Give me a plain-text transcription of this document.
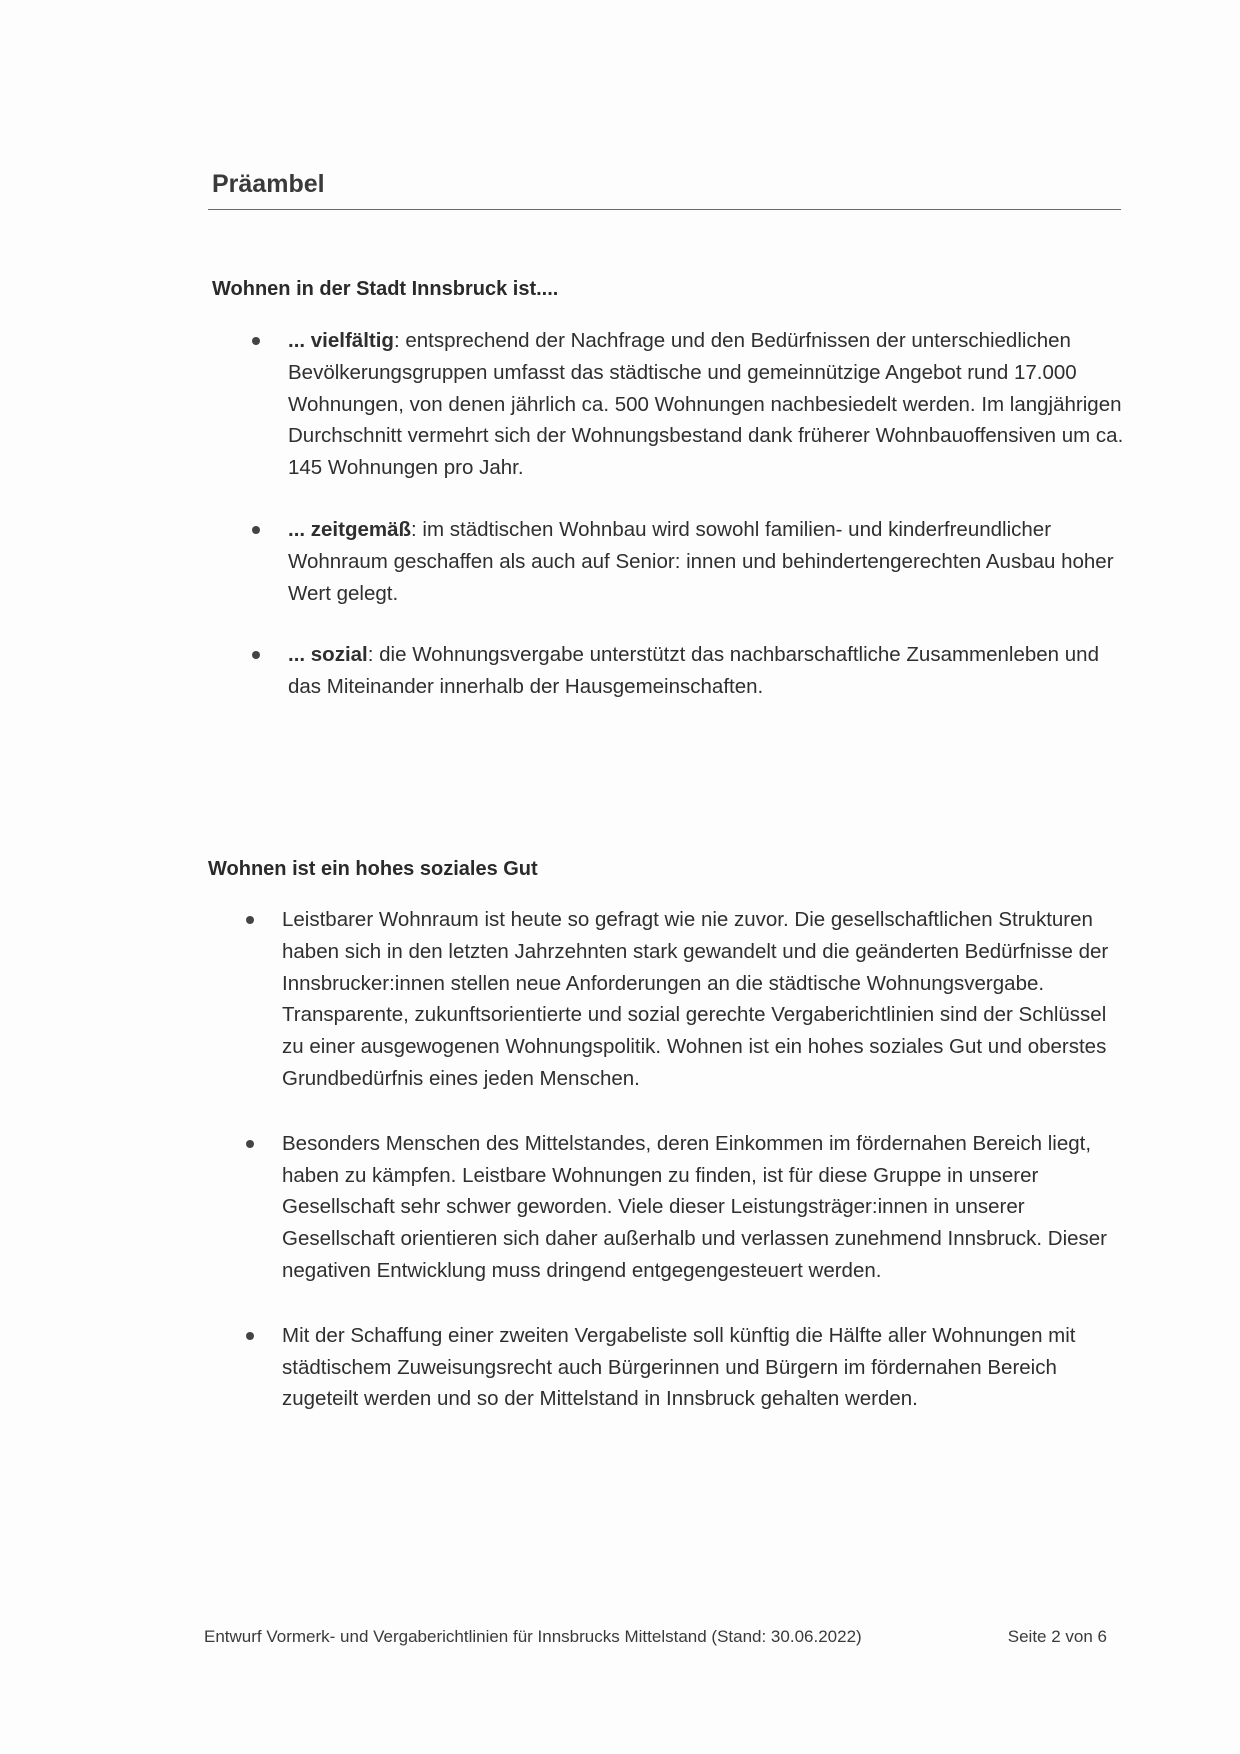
Präambel
Wohnen in der Stadt Innsbruck ist....
... vielfältig: entsprechend der Nachfrage und den Bedürfnissen der unterschiedlichen Bevölkerungsgruppen umfasst das städtische und gemeinnützige Angebot rund 17.000 Wohnungen, von denen jährlich ca. 500 Wohnungen nachbesiedelt werden. Im langjährigen Durchschnitt vermehrt sich der Wohnungsbestand dank früherer Wohnbauoffensiven um ca. 145 Wohnungen pro Jahr.
... zeitgemäß: im städtischen Wohnbau wird sowohl familien- und kinderfreundlicher Wohnraum geschaffen als auch auf Senior: innen und behindertengerechten Ausbau hoher Wert gelegt.
... sozial: die Wohnungsvergabe unterstützt das nachbarschaftliche Zusammenleben und das Miteinander innerhalb der Hausgemeinschaften.
Wohnen ist ein hohes soziales Gut
Leistbarer Wohnraum ist heute so gefragt wie nie zuvor. Die gesellschaftlichen Strukturen haben sich in den letzten Jahrzehnten stark gewandelt und die geänderten Bedürfnisse der Innsbrucker:innen stellen neue Anforderungen an die städtische Wohnungsvergabe. Transparente, zukunftsorientierte und sozial gerechte Vergaberichtlinien sind der Schlüssel zu einer ausgewogenen Wohnungspolitik. Wohnen ist ein hohes soziales Gut und oberstes Grundbedürfnis eines jeden Menschen.
Besonders Menschen des Mittelstandes, deren Einkommen im fördernahen Bereich liegt, haben zu kämpfen. Leistbare Wohnungen zu finden, ist für diese Gruppe in unserer Gesellschaft sehr schwer geworden. Viele dieser Leistungsträger:innen in unserer Gesellschaft orientieren sich daher außerhalb und verlassen zunehmend Innsbruck. Dieser negativen Entwicklung muss dringend entgegengesteuert werden.
Mit der Schaffung einer zweiten Vergabeliste soll künftig die Hälfte aller Wohnungen mit städtischem Zuweisungsrecht auch Bürgerinnen und Bürgern im fördernahen Bereich zugeteilt werden und so der Mittelstand in Innsbruck gehalten werden.

Entwurf Vormerk- und Vergaberichtlinien für Innsbrucks Mittelstand (Stand: 30.06.2022)	Seite 2 von 6
